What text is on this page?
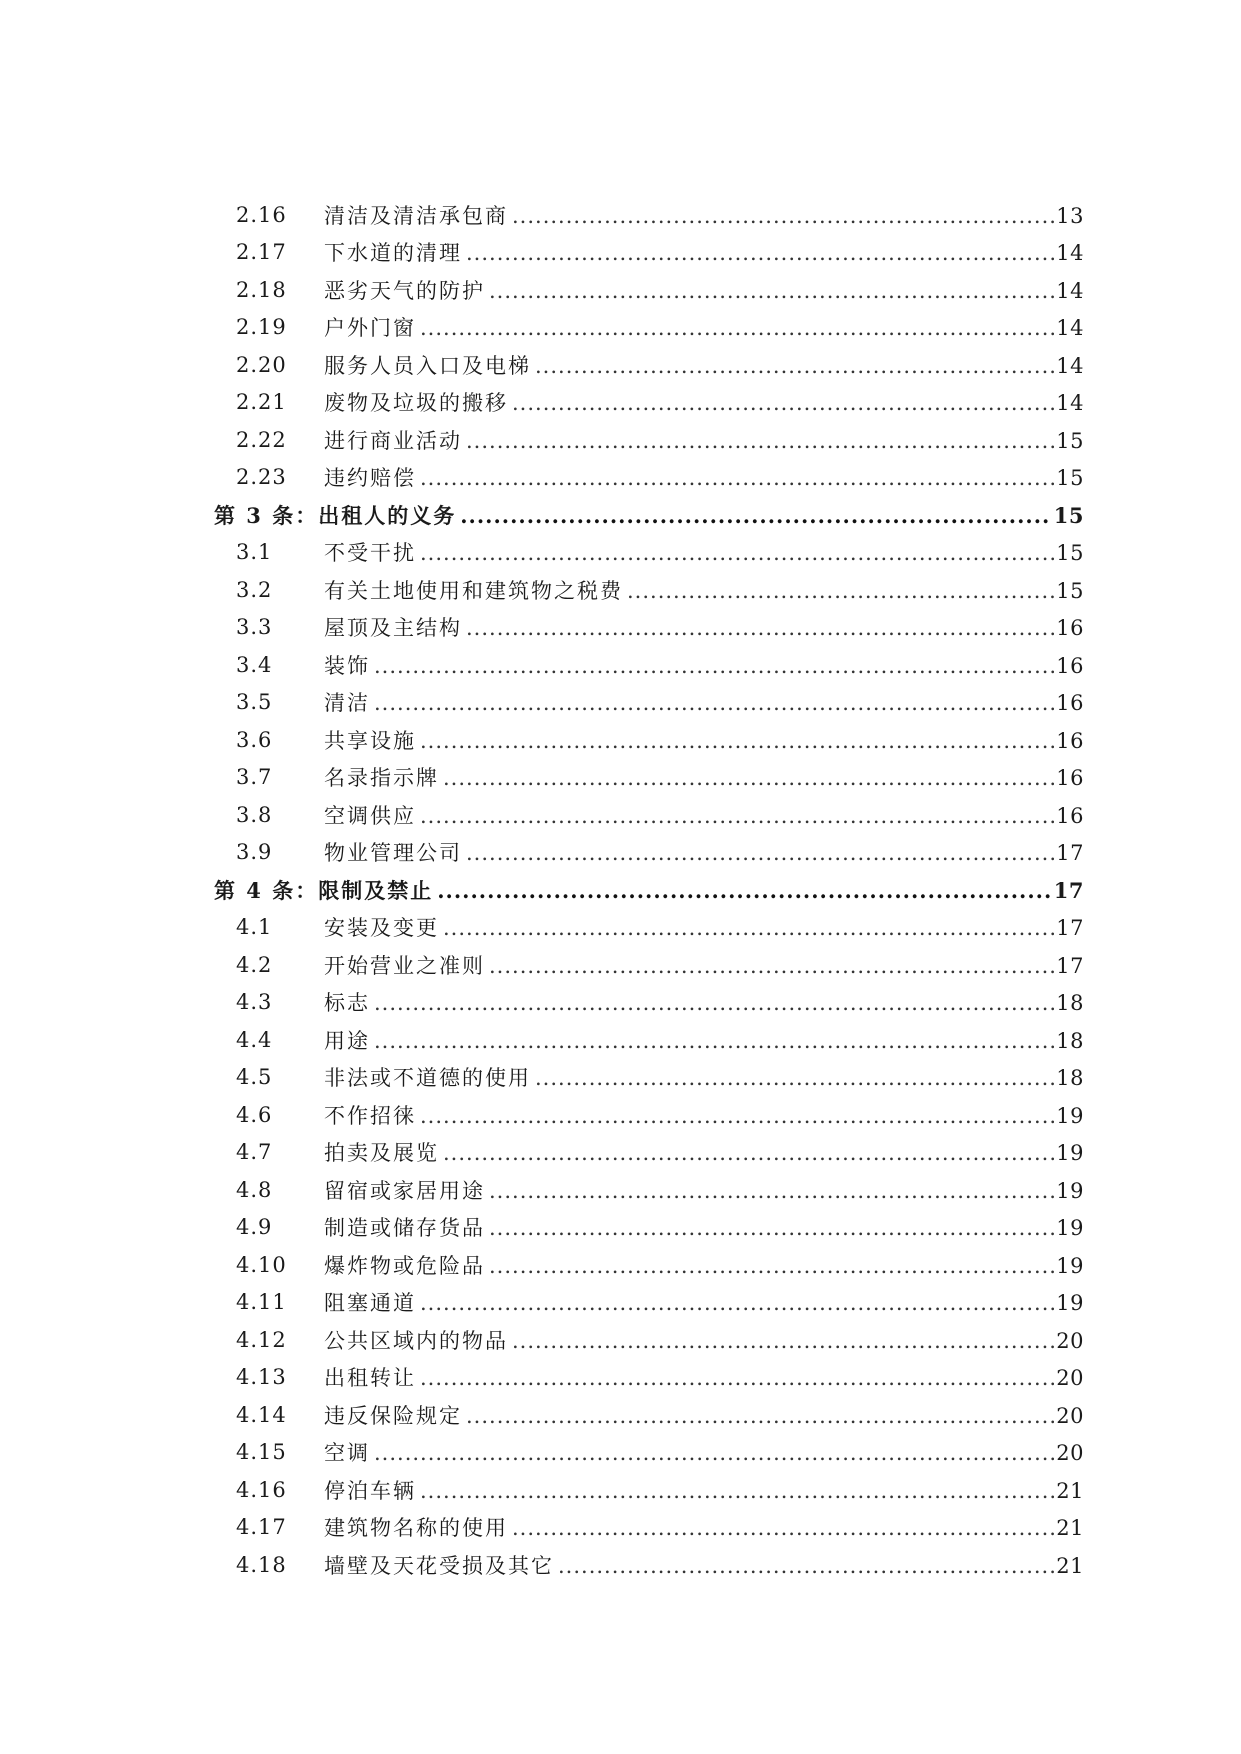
2.16	清洁及清洁承包商 .....	13
2.17	下水道的清理 .....	14
2.18	恶劣天气的防护 .....	14
2.19	户外门窗 .....	14
2.20	服务人员入口及电梯 .....	14
2.21	废物及垃圾的搬移 .....	14
2.22	进行商业活动 .....	15
2.23	违约赔偿 .....	15
第 3 条：出租人的义务 .....	15
3.1	不受干扰 .....	15
3.2	有关土地使用和建筑物之税费 .....	15
3.3	屋顶及主结构 .....	16
3.4	装饰 .....	16
3.5	清洁 .....	16
3.6	共享设施 .....	16
3.7	名录指示牌 .....	16
3.8	空调供应 .....	16
3.9	物业管理公司 .....	17
第 4 条：限制及禁止 .....	17
4.1	安装及变更 .....	17
4.2	开始营业之准则 .....	17
4.3	标志 .....	18
4.4	用途 .....	18
4.5	非法或不道德的使用 .....	18
4.6	不作招徕 .....	19
4.7	拍卖及展览 .....	19
4.8	留宿或家居用途 .....	19
4.9	制造或储存货品 .....	19
4.10	爆炸物或危险品 .....	19
4.11	阻塞通道 .....	19
4.12	公共区域内的物品 .....	20
4.13	出租转让 .....	20
4.14	违反保险规定 .....	20
4.15	空调 .....	20
4.16	停泊车辆 .....	21
4.17	建筑物名称的使用 .....	21
4.18	墙壁及天花受损及其它 .....	21
